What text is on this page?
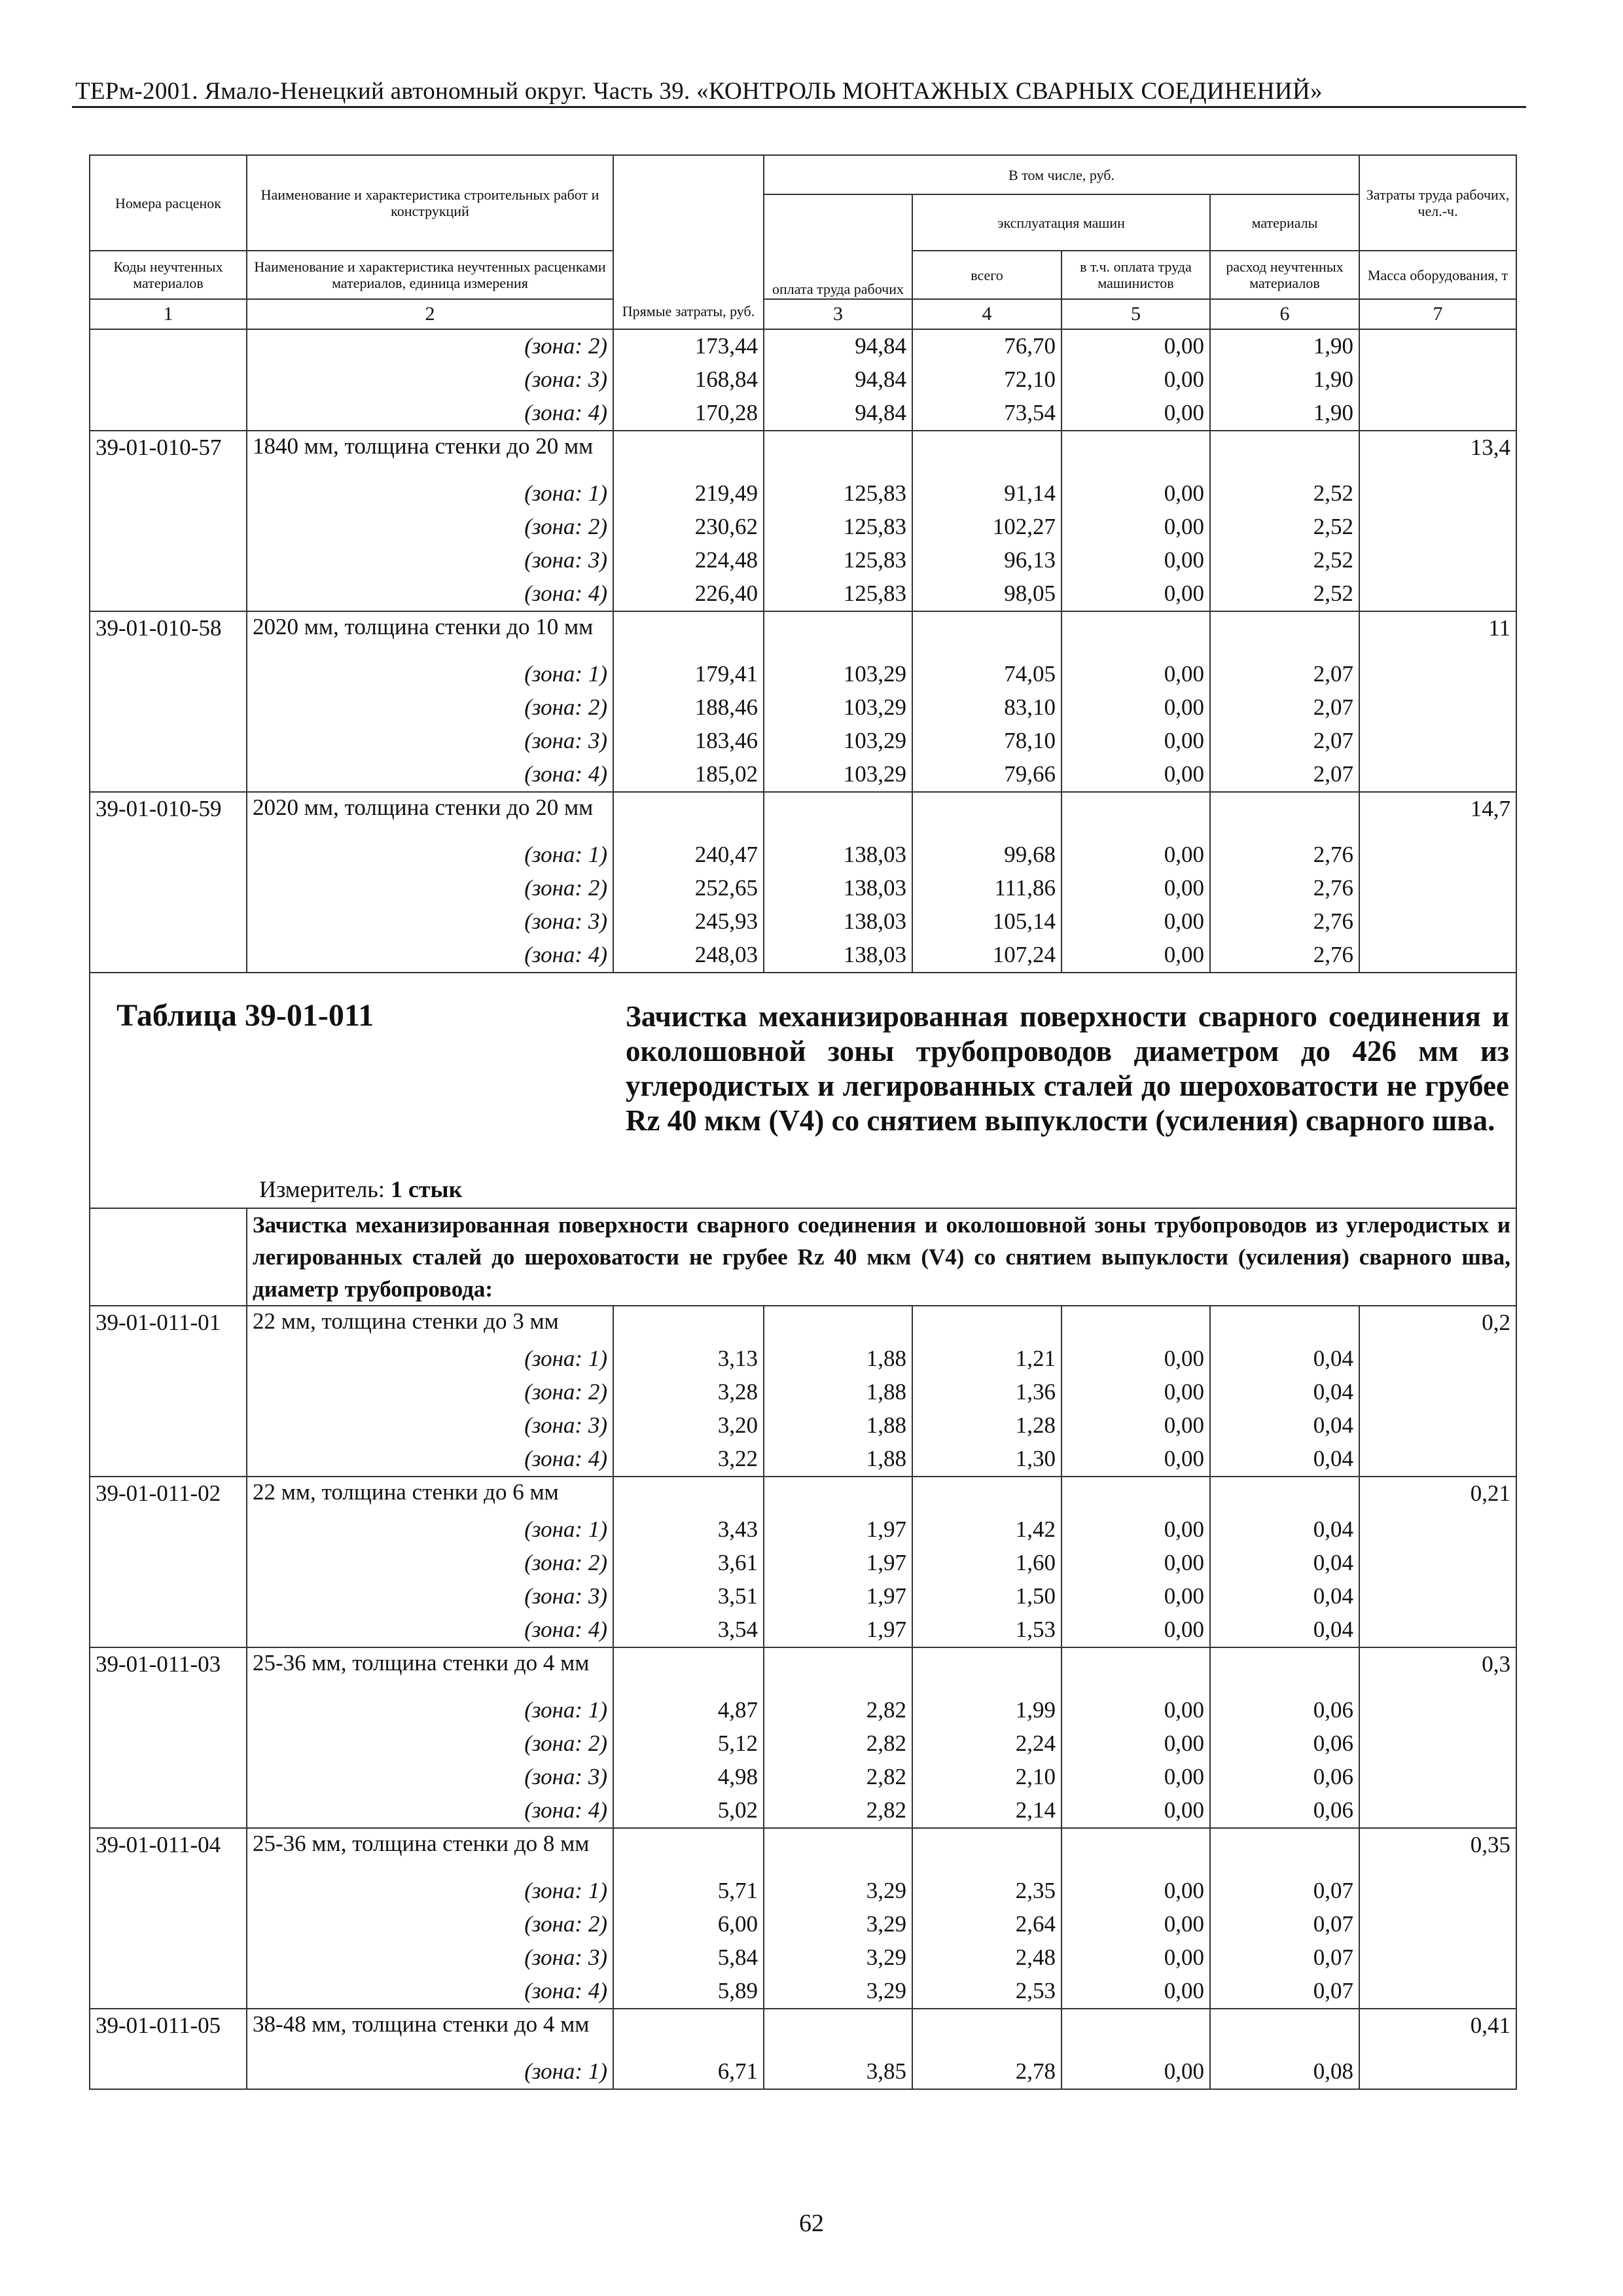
ТЕРм-2001. Ямало-Ненецкий автономный округ. Часть 39. «КОНТРОЛЬ МОНТАЖНЫХ СВАРНЫХ СОЕДИНЕНИЙ»
Номера расценок	Наименование и характеристика строительных работ и конструкций	Прямые затраты, руб.	В том числе, руб.				Затраты труда рабочих, чел.-ч.	
			оплата труда рабочих	эксплуатация машин		материалы		
Коды неучтенных материалов	Наименование и характеристика неучтенных расценками материалов, единица измерения			всего	в т.ч. оплата труда машинистов	расход неучтенных материалов	Масса оборудования, т	
1	2		3	4	5	6	7	
	(зона: 2)	173,44	94,84	76,70	0,00	1,90		
	(зона: 3)	168,84	94,84	72,10	0,00	1,90		
	(зона: 4)	170,28	94,84	73,54	0,00	1,90		
39-01-010-57	1840 мм, толщина стенки до 20 мм						13,4	
	(зона: 1)	219,49	125,83	91,14	0,00	2,52		
	(зона: 2)	230,62	125,83	102,27	0,00	2,52		
	(зона: 3)	224,48	125,83	96,13	0,00	2,52		
	(зона: 4)	226,40	125,83	98,05	0,00	2,52		
39-01-010-58	2020 мм, толщина стенки до 10 мм						11	
	(зона: 1)	179,41	103,29	74,05	0,00	2,07		
	(зона: 2)	188,46	103,29	83,10	0,00	2,07		
	(зона: 3)	183,46	103,29	78,10	0,00	2,07		
	(зона: 4)	185,02	103,29	79,66	0,00	2,07		
39-01-010-59	2020 мм, толщина стенки до 20 мм						14,7	
	(зона: 1)	240,47	138,03	99,68	0,00	2,76		
	(зона: 2)	252,65	138,03	111,86	0,00	2,76		
	(зона: 3)	245,93	138,03	105,14	0,00	2,76		
	(зона: 4)	248,03	138,03	107,24	0,00	2,76		

Таблица 39-01-011 Зачистка механизированная поверхности сварного соединения и околошовной зоны трубопроводов диаметром до 426 мм из углеродистых и легированных сталей до шероховатости не грубее Rz 40 мкм (V4) со снятием выпуклости (усиления) сварного шва.
Измеритель: 1 стык								

	Зачистка механизированная поверхности сварного соединения и околошовной зоны трубопроводов из углеродистых и легированных сталей до шероховатости не грубее Rz 40 мкм (V4) со снятием выпуклости (усиления) сварного шва, диаметр трубопровода:							
39-01-011-01	22 мм, толщина стенки до 3 мм						0,2	
	(зона: 1)	3,13	1,88	1,21	0,00	0,04		
	(зона: 2)	3,28	1,88	1,36	0,00	0,04		
	(зона: 3)	3,20	1,88	1,28	0,00	0,04		
	(зона: 4)	3,22	1,88	1,30	0,00	0,04		
39-01-011-02	22 мм, толщина стенки до 6 мм						0,21	
	(зона: 1)	3,43	1,97	1,42	0,00	0,04		
	(зона: 2)	3,61	1,97	1,60	0,00	0,04		
	(зона: 3)	3,51	1,97	1,50	0,00	0,04		
	(зона: 4)	3,54	1,97	1,53	0,00	0,04		
39-01-011-03	25-36 мм, толщина стенки до 4 мм						0,3	
	(зона: 1)	4,87	2,82	1,99	0,00	0,06		
	(зона: 2)	5,12	2,82	2,24	0,00	0,06		
	(зона: 3)	4,98	2,82	2,10	0,00	0,06		
	(зона: 4)	5,02	2,82	2,14	0,00	0,06		
39-01-011-04	25-36 мм, толщина стенки до 8 мм						0,35	
	(зона: 1)	5,71	3,29	2,35	0,00	0,07		
	(зона: 2)	6,00	3,29	2,64	0,00	0,07		
	(зона: 3)	5,84	3,29	2,48	0,00	0,07		
	(зона: 4)	5,89	3,29	2,53	0,00	0,07		
39-01-011-05	38-48 мм, толщина стенки до 4 мм						0,41	
	(зона: 1)	6,71	3,85	2,78	0,00	0,08		
62
